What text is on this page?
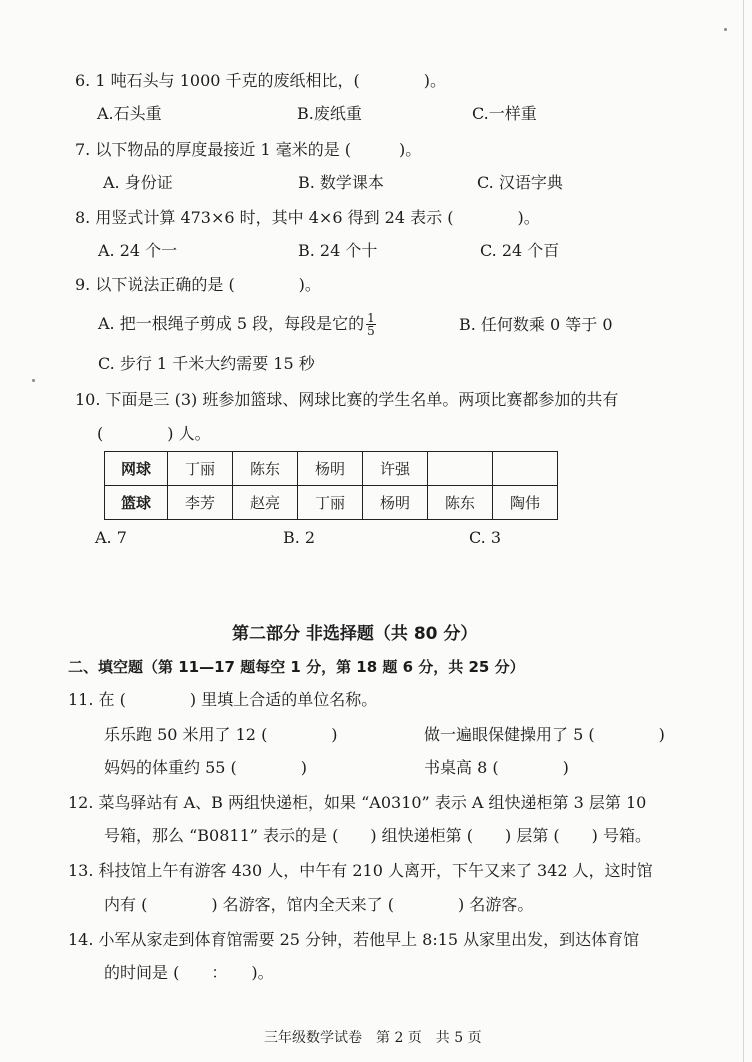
6. 1 吨石头与 1000 千克的废纸相比，(　　　　)。
A.石头重	B.废纸重	C.一样重
7. 以下物品的厚度最接近 1 毫米的是 (　　　)。
A. 身份证	B. 数学课本	C. 汉语字典
8. 用竖式计算 473×6 时，其中 4×6 得到 24 表示 (　　　　)。
A. 24 个一	B. 24 个十	C. 24 个百
9. 以下说法正确的是 (　　　　)。
A. 把一根绳子剪成 5 段，每段是它的 $\frac{1}{5}$	B. 任何数乘 0 等于 0
C. 步行 1 千米大约需要 15 秒
10. 下面是三 (3) 班参加篮球、网球比赛的学生名单。两项比赛都参加的共有
(　　　　) 人。
网球	丁丽	陈东	杨明	许强		
篮球	李芳	赵亮	丁丽	杨明	陈东	陶伟
A. 7	B. 2	C. 3
第二部分 非选择题（共 80 分）
二、填空题（第 11—17 题每空 1 分，第 18 题 6 分，共 25 分）
11. 在 (　　　　) 里填上合适的单位名称。
乐乐跑 50 米用了 12 (　　　　)	做一遍眼保健操用了 5 (　　　　)
妈妈的体重约 55 (　　　　)	书桌高 8 (　　　　)
12. 菜鸟驿站有 A、B 两组快递柜，如果 “A0310” 表示 A 组快递柜第 3 层第 10
号箱，那么 “B0811” 表示的是 (　　) 组快递柜第 (　　) 层第 (　　) 号箱。
13. 科技馆上午有游客 430 人，中午有 210 人离开，下午又来了 342 人，这时馆
内有 (　　　　) 名游客，馆内全天来了 (　　　　) 名游客。
14. 小军从家走到体育馆需要 25 分钟，若他早上 8:15 从家里出发，到达体育馆
的时间是 (　　：　　)。
三年级数学试卷　第 2 页　共 5 页
